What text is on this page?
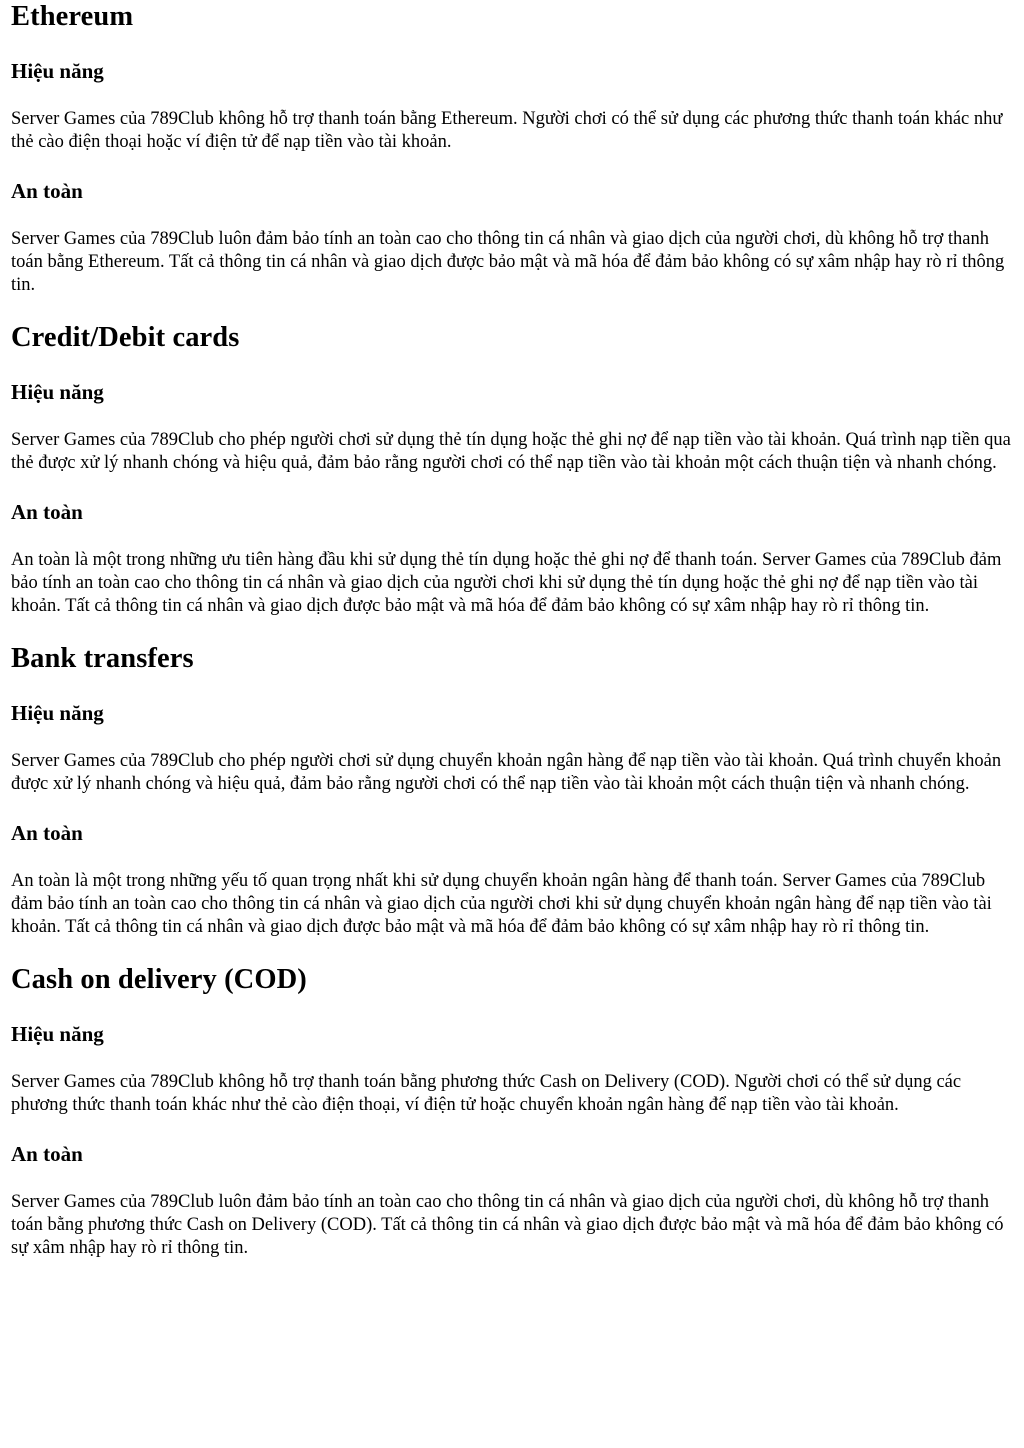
Ethereum
Hiệu năng

Server Games của 789Club không hỗ trợ thanh toán bằng Ethereum. Người chơi có thể sử dụng các phương thức thanh toán khác như thẻ cào điện thoại hoặc ví điện tử để nạp tiền vào tài khoản.

An toàn

Server Games của 789Club luôn đảm bảo tính an toàn cao cho thông tin cá nhân và giao dịch của người chơi, dù không hỗ trợ thanh toán bằng Ethereum. Tất cả thông tin cá nhân và giao dịch được bảo mật và mã hóa để đảm bảo không có sự xâm nhập hay rò rỉ thông tin.

Credit/Debit cards
Hiệu năng

Server Games của 789Club cho phép người chơi sử dụng thẻ tín dụng hoặc thẻ ghi nợ để nạp tiền vào tài khoản. Quá trình nạp tiền qua thẻ được xử lý nhanh chóng và hiệu quả, đảm bảo rằng người chơi có thể nạp tiền vào tài khoản một cách thuận tiện và nhanh chóng.

An toàn

An toàn là một trong những ưu tiên hàng đầu khi sử dụng thẻ tín dụng hoặc thẻ ghi nợ để thanh toán. Server Games của 789Club đảm bảo tính an toàn cao cho thông tin cá nhân và giao dịch của người chơi khi sử dụng thẻ tín dụng hoặc thẻ ghi nợ để nạp tiền vào tài khoản. Tất cả thông tin cá nhân và giao dịch được bảo mật và mã hóa để đảm bảo không có sự xâm nhập hay rò rỉ thông tin.

Bank transfers
Hiệu năng

Server Games của 789Club cho phép người chơi sử dụng chuyển khoản ngân hàng để nạp tiền vào tài khoản. Quá trình chuyển khoản được xử lý nhanh chóng và hiệu quả, đảm bảo rằng người chơi có thể nạp tiền vào tài khoản một cách thuận tiện và nhanh chóng.

An toàn

An toàn là một trong những yếu tố quan trọng nhất khi sử dụng chuyển khoản ngân hàng để thanh toán. Server Games của 789Club đảm bảo tính an toàn cao cho thông tin cá nhân và giao dịch của người chơi khi sử dụng chuyển khoản ngân hàng để nạp tiền vào tài khoản. Tất cả thông tin cá nhân và giao dịch được bảo mật và mã hóa để đảm bảo không có sự xâm nhập hay rò rỉ thông tin.

Cash on delivery (COD)
Hiệu năng

Server Games của 789Club không hỗ trợ thanh toán bằng phương thức Cash on Delivery (COD). Người chơi có thể sử dụng các phương thức thanh toán khác như thẻ cào điện thoại, ví điện tử hoặc chuyển khoản ngân hàng để nạp tiền vào tài khoản.

An toàn

Server Games của 789Club luôn đảm bảo tính an toàn cao cho thông tin cá nhân và giao dịch của người chơi, dù không hỗ trợ thanh toán bằng phương thức Cash on Delivery (COD). Tất cả thông tin cá nhân và giao dịch được bảo mật và mã hóa để đảm bảo không có sự xâm nhập hay rò rỉ thông tin.
